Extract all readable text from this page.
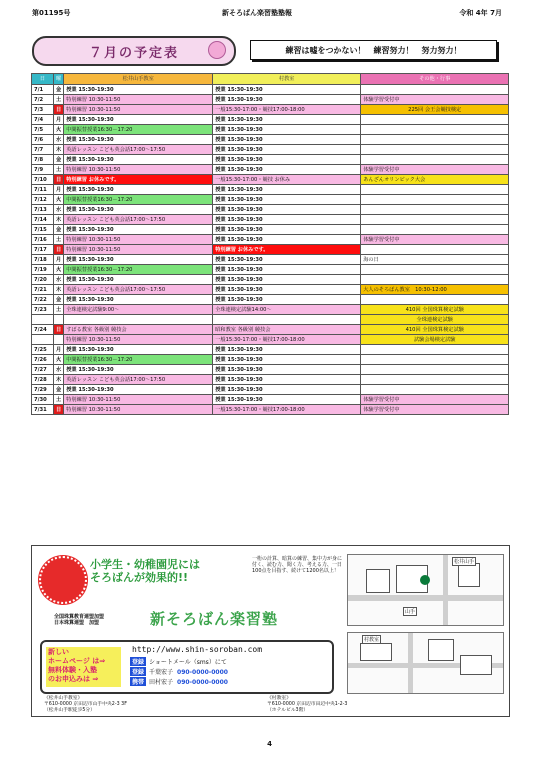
第01195号	新そろばん楽習塾塾報	令和 4年 7月
７月の予定表	練習は嘘をつかない！　練習努力！　努力努力！
日	曜	松井山手教室	村教室	その他・行事
7/1	金	授業 15:30-19:30	授業 15:30-19:30	
7/2	土	特別練習 10:30-11:50	授業 15:30-19:30	体験学習受付中
7/3	日	特別練習 10:30-11:50	一般15:30-17:00・競技17:00-18:00	225回 会王会競技検定
7/4	月	授業 15:30-19:30	授業 15:30-19:30	
7/5	火	中間振替授業16:30－17:20	授業 15:30-19:30	
7/6	水	授業 15:30-19:30	授業 15:30-19:30	
7/7	木	英語レッスン こども英会話17:00～17:50	授業 15:30-19:30	
7/8	金	授業 15:30-19:30	授業 15:30-19:30	
7/9	土	特別練習 10:30-11:50	授業 15:30-19:30	体験学習受付中
7/10	日	特別練習 お休みです。	一般15:30-17:00・競技 お休み	あんざんオリンピック大会
7/11	月	授業 15:30-19:30	授業 15:30-19:30	
7/12	火	中間振替授業16:30－17:20	授業 15:30-19:30	
7/13	水	授業 15:30-19:30	授業 15:30-19:30	
7/14	木	英語レッスン こども英会話17:00～17:50	授業 15:30-19:30	
7/15	金	授業 15:30-19:30	授業 15:30-19:30	
7/16	土	特別練習 10:30-11:50	授業 15:30-19:30	体験学習受付中
7/17	日	特別練習 10:30-11:50	特別練習 お休みです。	
7/18	月	授業 15:30-19:30	授業 15:30-19:30	海の日
7/19	火	中間振替授業16:30－17:20	授業 15:30-19:30	
7/20	水	授業 15:30-19:30	授業 15:30-19:30	
7/21	木	英語レッスン こども英会話17:00～17:50	授業 15:30-19:30	大人のそろばん教室　10:30-12:00
7/22	金	授業 15:30-19:30	授業 15:30-19:30	
7/23	土	全珠連検定試験9:00～	全珠連検定試験14:00～	410回 全国珠算検定試験
				全珠連検定試験
7/24	日	すばる教室 各級別 競技会	昭和教室 各級別 競技会	410回 全国珠算検定試験
		特別練習 10:30-11:50	一般15:30-17:00・競技17:00-18:00	試験会場検定試験
7/25	月	授業 15:30-19:30	授業 15:30-19:30	
7/26	火	中間振替授業16:30－17:20	授業 15:30-19:30	
7/27	水	授業 15:30-19:30	授業 15:30-19:30	
7/28	木	英語レッスン こども英会話17:00～17:50	授業 15:30-19:30	
7/29	金	授業 15:30-19:30	授業 15:30-19:30	
7/30	土	特別練習 10:30-11:50	授業 15:30-19:30	体験学習受付中
7/31	日	特別練習 10:30-11:50	一般15:30-17:00・競技17:00-18:00	体験学習受付中
小学生・幼稚園児には
そろばんが効果的!!
一桁の計算、暗算の練習、集中力が身に付く、読む力、聞く力、考える力、一日100点を目指す、続けて1200名以上！
全国珠算教育連盟加盟
日本珠算連盟　加盟	新そろばん楽習塾
松井山手
山手
村教室
新しい
ホームページ は⇒
無料体験・入塾
のお申込みは ⇒
http://www.shin-soroban.com
登録 ショートメール（sms）にて
登録 千葉宏子 090-0000-0000
携帯 田村宏子 090-0000-0000
《松井山手教室》
〒610-0000 京田辺市山手中央2-3 3F
（松井山手駅徒歩5分）
《村教室》
〒610-0000 京田辺市田辺中央1-2-3
（ホテルビル3階）
4
